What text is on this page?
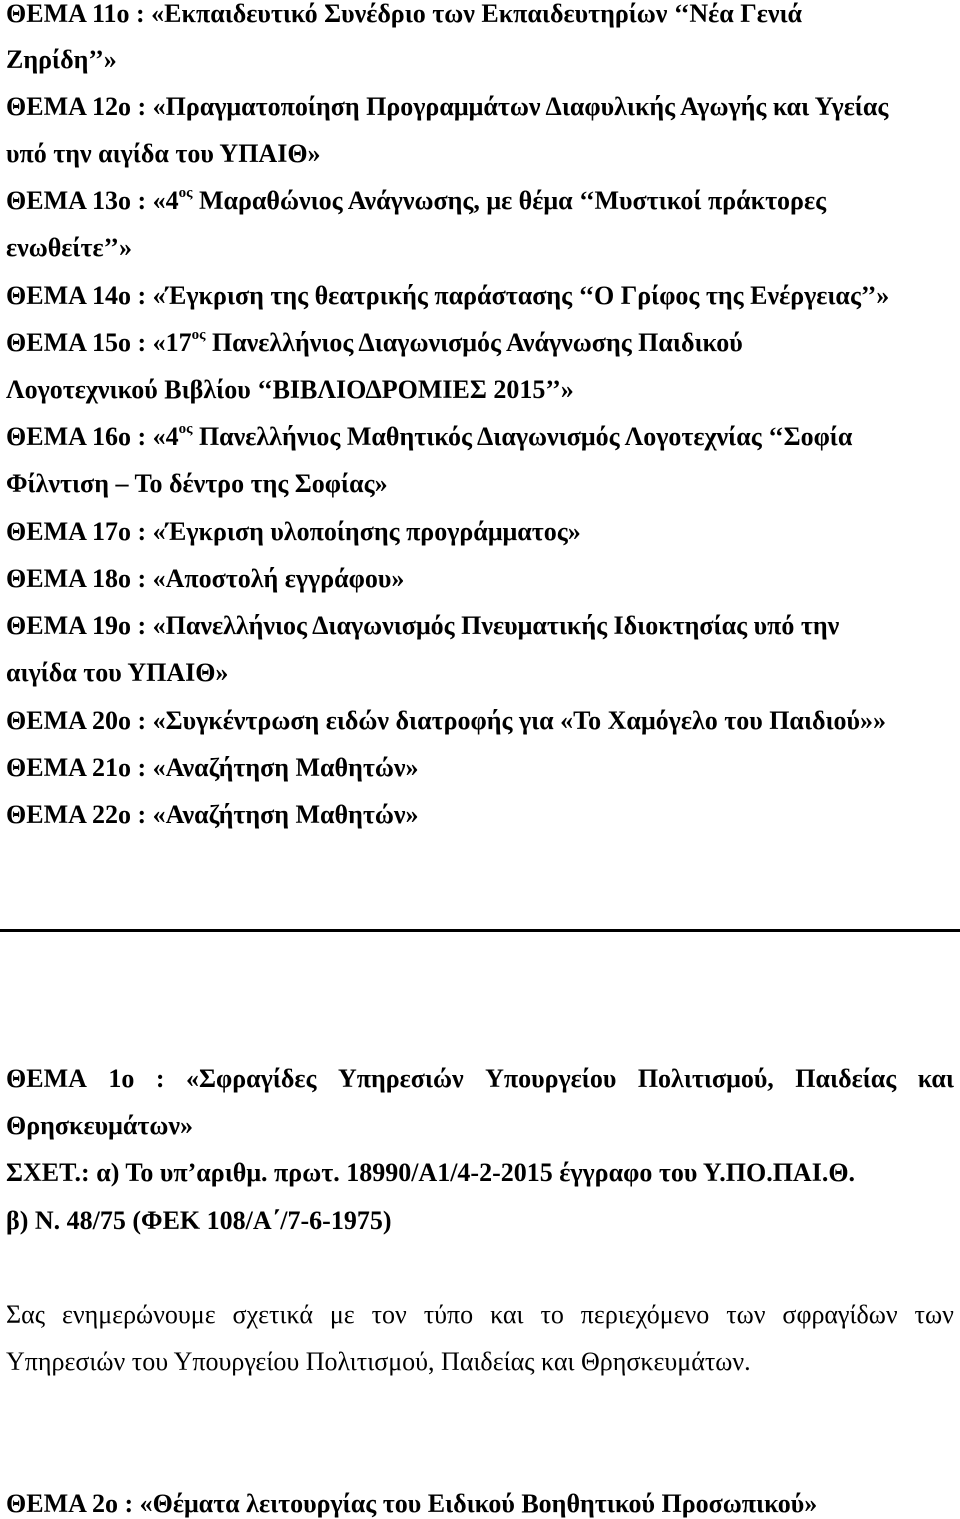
ΘΕΜΑ 11ο : «Εκπαιδευτικό Συνέδριο των Εκπαιδευτηρίων ‘‘Νέα Γενιά
Ζηρίδη’’»
ΘΕΜΑ 12ο : «Πραγματοποίηση Προγραμμάτων Διαφυλικής Αγωγής και Υγείας
υπό την αιγίδα του ΥΠΑΙΘ»
ΘΕΜΑ 13ο : «$4^{o\varsigma}$ Μαραθώνιος Ανάγνωσης, με θέμα ‘‘Μυστικοί πράκτορες
ενωθείτε’’»
ΘΕΜΑ 14ο : «Έγκριση της θεατρικής παράστασης ‘‘Ο Γρίφος της Ενέργειας’’»
ΘΕΜΑ 15ο : «$17^{o\varsigma}$ Πανελλήνιος Διαγωνισμός Ανάγνωσης Παιδικού
Λογοτεχνικού Βιβλίου ‘‘ΒΙΒΛΙΟΔΡΟΜΙΕΣ 2015’’»
ΘΕΜΑ 16ο : «$4^{o\varsigma}$ Πανελλήνιος Μαθητικός Διαγωνισμός Λογοτεχνίας ‘‘Σοφία
Φίλντιση – Το δέντρο της Σοφίας»
ΘΕΜΑ 17ο : «Έγκριση υλοποίησης προγράμματος»
ΘΕΜΑ 18ο : «Αποστολή εγγράφου»
ΘΕΜΑ 19ο : «Πανελλήνιος Διαγωνισμός Πνευματικής Ιδιοκτησίας υπό την
αιγίδα του ΥΠΑΙΘ»
ΘΕΜΑ 20ο : «Συγκέντρωση ειδών διατροφής για «Το Χαμόγελο του Παιδιού»»
ΘΕΜΑ 21ο : «Αναζήτηση Μαθητών»
ΘΕΜΑ 22ο : «Αναζήτηση Μαθητών»
ΘΕΜΑ 1ο : «Σφραγίδες Υπηρεσιών Υπουργείου Πολιτισμού, Παιδείας και
Θρησκευμάτων»
ΣΧΕΤ.: α) Το υπ’αριθμ. πρωτ. 18990/Α1/4-2-2015 έγγραφο του Υ.ΠΟ.ΠΑΙ.Θ.
β) Ν. 48/75 (ΦΕΚ 108/Α΄/7-6-1975)
Σας ενημερώνουμε σχετικά με τον τύπο και το περιεχόμενο των σφραγίδων των
Υπηρεσιών του Υπουργείου Πολιτισμού, Παιδείας και Θρησκευμάτων.
ΘΕΜΑ 2ο : «Θέματα λειτουργίας του Ειδικού Βοηθητικού Προσωπικού»
